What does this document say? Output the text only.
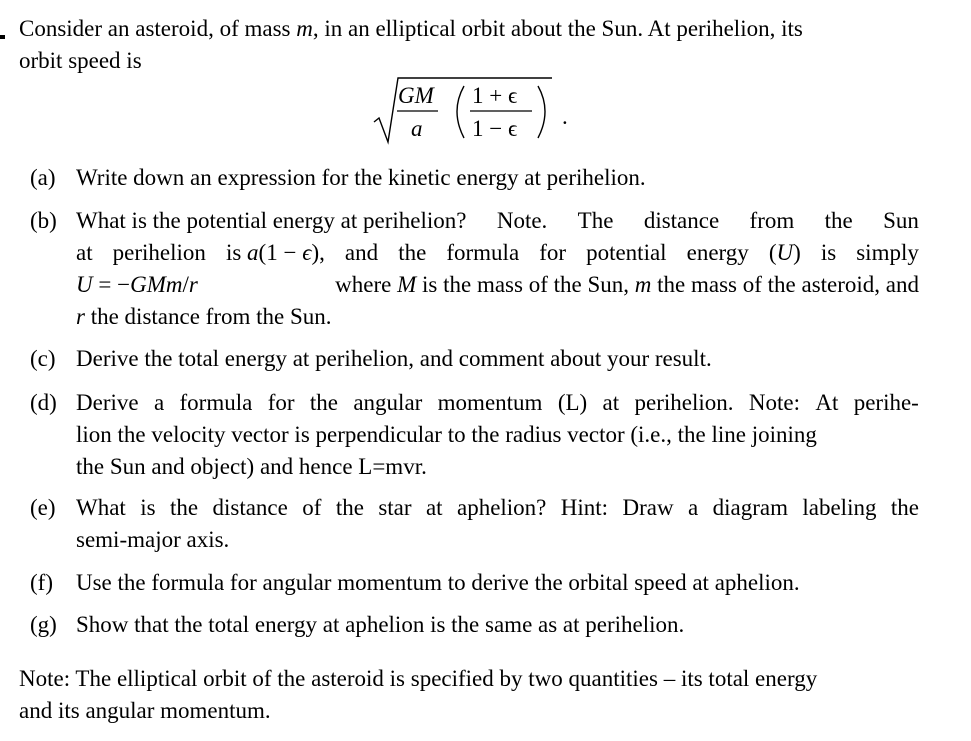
Consider an asteroid, of mass m, in an elliptical orbit about the Sun. At perihelion, its
orbit speed is
GM
a
1 + ϵ
1 − ϵ .
(a) Write down an expression for the kinetic energy at perihelion.
(b) What is the potential energy at perihelion? Note. The distance from the Sun
at perihelion is a(1 − ϵ), and the formula for potential energy (U) is simply
U = −GMm/r	where M is the mass of the Sun, m the mass of the asteroid, and
r the distance from the Sun.
(c) Derive the total energy at perihelion, and comment about your result.
(d) Derive a formula for the angular momentum (L) at perihelion. Note: At perihe-
lion the velocity vector is perpendicular to the radius vector (i.e., the line joining
the Sun and object) and hence L=mvr.
(e) What is the distance of the star at aphelion? Hint: Draw a diagram labeling the
semi-major axis.
(f) Use the formula for angular momentum to derive the orbital speed at aphelion.
(g) Show that the total energy at aphelion is the same as at perihelion.
Note: The elliptical orbit of the asteroid is specified by two quantities – its total energy
and its angular momentum.
